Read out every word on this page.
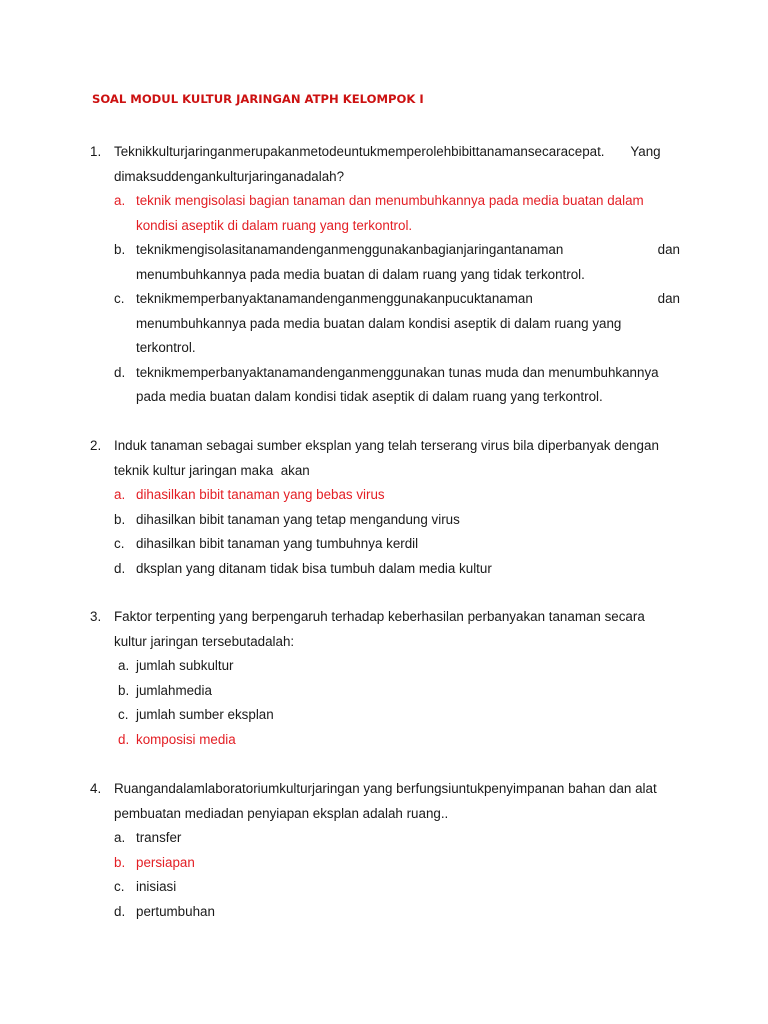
SOAL MODUL KULTUR JARINGAN ATPH KELOMPOK I
1. Teknikkulturjaringanmerupakanmetodeuntukmemperolehbibittanamansecaracepat.       Yang
dimaksuddengankulturjaringanadalah?
a. teknik mengisolasi bagian tanaman dan menumbuhkannya pada media buatan dalam
kondisi aseptik di dalam ruang yang terkontrol.
b. teknikmengisolasitanamandenganmenggunakanbagianjaringantanaman	dan
menumbuhkannya pada media buatan di dalam ruang yang tidak terkontrol.
c. teknikmemperbanyaktanamandenganmenggunakanpucuktanaman	dan
menumbuhkannya pada media buatan dalam kondisi aseptik di dalam ruang yang
terkontrol.
d. teknikmemperbanyaktanamandenganmenggunakan tunas muda dan menumbuhkannya
pada media buatan dalam kondisi tidak aseptik di dalam ruang yang terkontrol.
2. Induk tanaman sebagai sumber eksplan yang telah terserang virus bila diperbanyak dengan
teknik kultur jaringan maka  akan
a. dihasilkan bibit tanaman yang bebas virus
b. dihasilkan bibit tanaman yang tetap mengandung virus
c. dihasilkan bibit tanaman yang tumbuhnya kerdil
d. dksplan yang ditanam tidak bisa tumbuh dalam media kultur
3. Faktor terpenting yang berpengaruh terhadap keberhasilan perbanyakan tanaman secara
kultur jaringan tersebutadalah:
a. jumlah subkultur
b. jumlahmedia
c. jumlah sumber eksplan
d. komposisi media
4. Ruangandalamlaboratoriumkulturjaringan yang berfungsiuntukpenyimpanan bahan dan alat
pembuatan mediadan penyiapan eksplan adalah ruang..
a. transfer
b. persiapan
c. inisiasi
d. pertumbuhan
